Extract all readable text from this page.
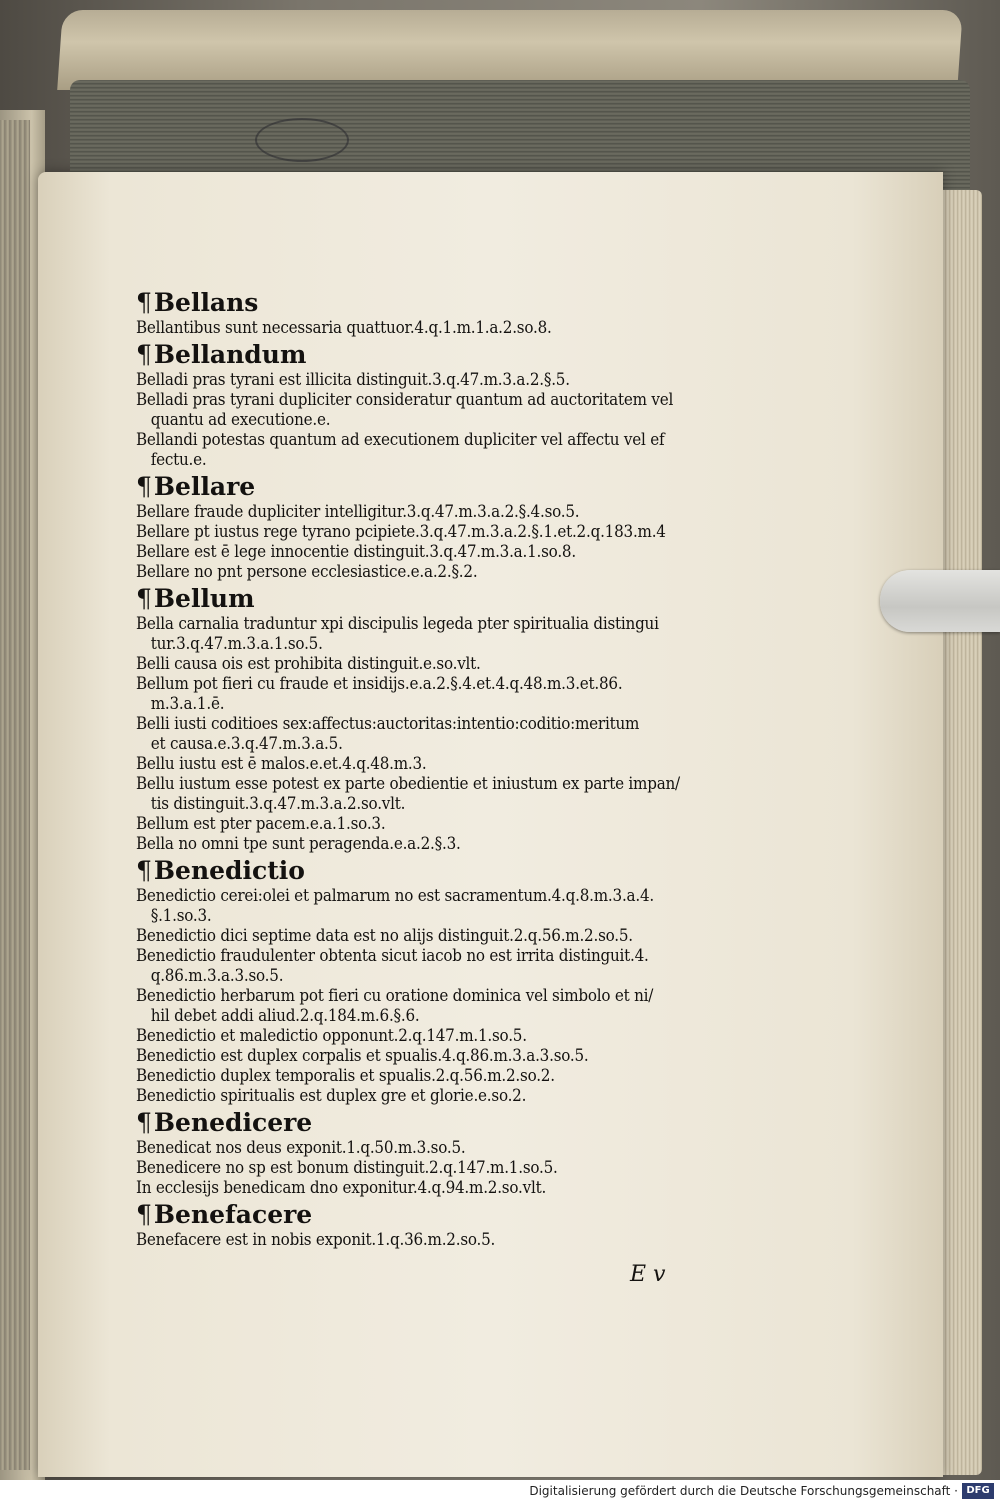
¶Bellans
Bellantibus sunt necessaria quattuor.4.q.1.m.1.a.2.so.8.
¶Bellandum
Belladi pras tyrani est illicita distinguit.3.q.47.m.3.a.2.§.5.
Belladi pras tyrani dupliciter consideratur quantum ad auctoritatem vel
quantu ad executione.e.
Bellandi potestas quantum ad executionem dupliciter vel affectu vel ef
fectu.e.
¶Bellare
Bellare fraude dupliciter intelligitur.3.q.47.m.3.a.2.§.4.so.5.
Bellare pt iustus rege tyrano pcipiete.3.q.47.m.3.a.2.§.1.et.2.q.183.m.4
Bellare est ē lege innocentie distinguit.3.q.47.m.3.a.1.so.8.
Bellare no pnt persone ecclesiastice.e.a.2.§.2.
¶Bellum
Bella carnalia traduntur xpi discipulis legeda pter spiritualia distingui
tur.3.q.47.m.3.a.1.so.5.
Belli causa ois est prohibita distinguit.e.so.vlt.
Bellum pot fieri cu fraude et insidijs.e.a.2.§.4.et.4.q.48.m.3.et.86.
m.3.a.1.ē.
Belli iusti coditioes sex:affectus:auctoritas:intentio:coditio:meritum
et causa.e.3.q.47.m.3.a.5.
Bellu iustu est ē malos.e.et.4.q.48.m.3.
Bellu iustum esse potest ex parte obedientie et iniustum ex parte impan/
tis distinguit.3.q.47.m.3.a.2.so.vlt.
Bellum est pter pacem.e.a.1.so.3.
Bella no omni tpe sunt peragenda.e.a.2.§.3.
¶Benedictio
Benedictio cerei:olei et palmarum no est sacramentum.4.q.8.m.3.a.4.
§.1.so.3.
Benedictio dici septime data est no alijs distinguit.2.q.56.m.2.so.5.
Benedictio fraudulenter obtenta sicut iacob no est irrita distinguit.4.
q.86.m.3.a.3.so.5.
Benedictio herbarum pot fieri cu oratione dominica vel simbolo et ni/
hil debet addi aliud.2.q.184.m.6.§.6.
Benedictio et maledictio opponunt.2.q.147.m.1.so.5.
Benedictio est duplex corpalis et spualis.4.q.86.m.3.a.3.so.5.
Benedictio duplex temporalis et spualis.2.q.56.m.2.so.2.
Benedictio spiritualis est duplex gre et glorie.e.so.2.
¶Benedicere
Benedicat nos deus exponit.1.q.50.m.3.so.5.
Benedicere no sp est bonum distinguit.2.q.147.m.1.so.5.
In ecclesijs benedicam dno exponitur.4.q.94.m.2.so.vlt.
¶Benefacere
Benefacere est in nobis exponit.1.q.36.m.2.so.5.
E v
Digitalisierung gefördert durch die Deutsche Forschungsgemeinschaft · DFG
